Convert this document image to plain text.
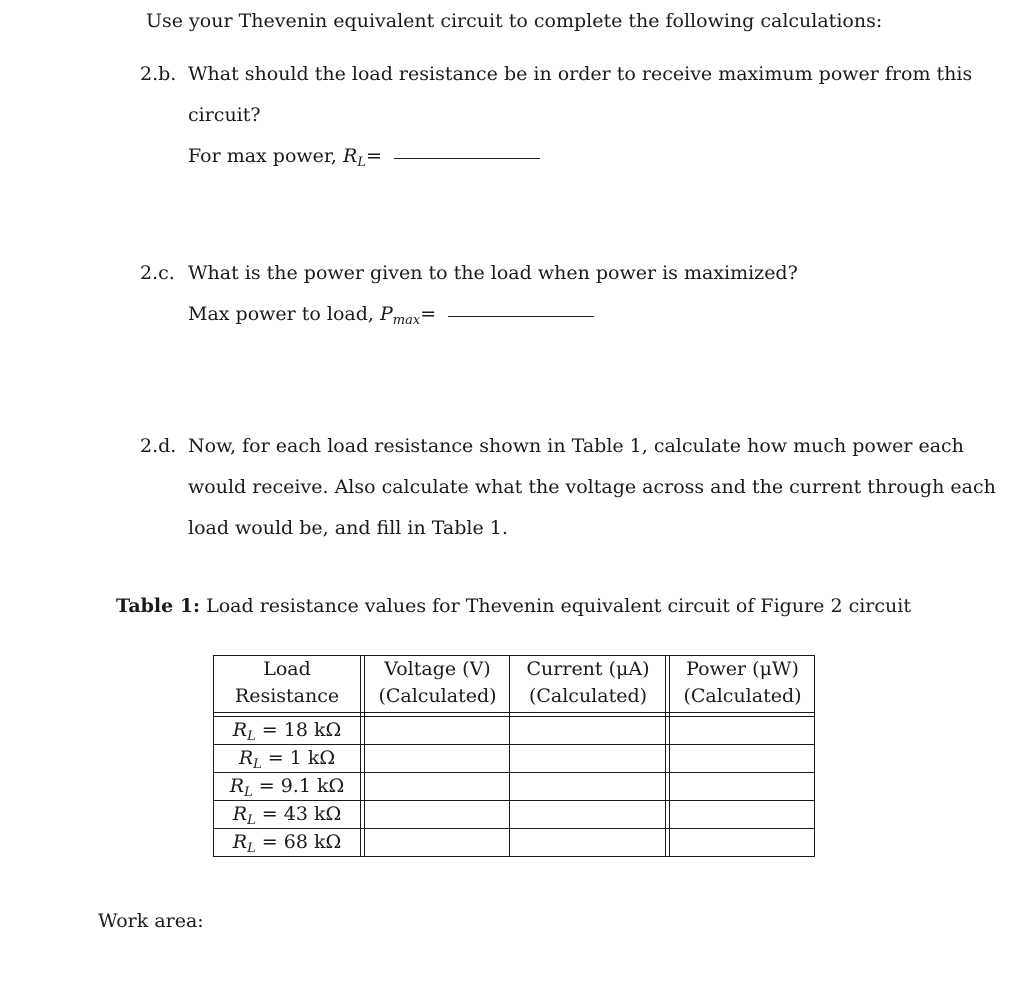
Use your Thevenin equivalent circuit to complete the following calculations:
2.b. What should the load resistance be in order to receive maximum power from this
circuit?
For max power, $R_L=$
2.c. What is the power given to the load when power is maximized?
Max power to load, $P_{max}=$
2.d. Now, for each load resistance shown in Table 1, calculate how much power each
would receive. Also calculate what the voltage across and the current through each
load would be, and fill in Table 1.
Table 1: Load resistance values for Thevenin equivalent circuit of Figure 2 circuit
Load
Resistance
Voltage (V)
(Calculated)
Current (μA)
(Calculated)
Power (μW)
(Calculated)
$R_L = 18$ kΩ
$R_L = 1$ kΩ
$R_L = 9.1$ kΩ
$R_L = 43$ kΩ
$R_L = 68$ kΩ
Work area:
